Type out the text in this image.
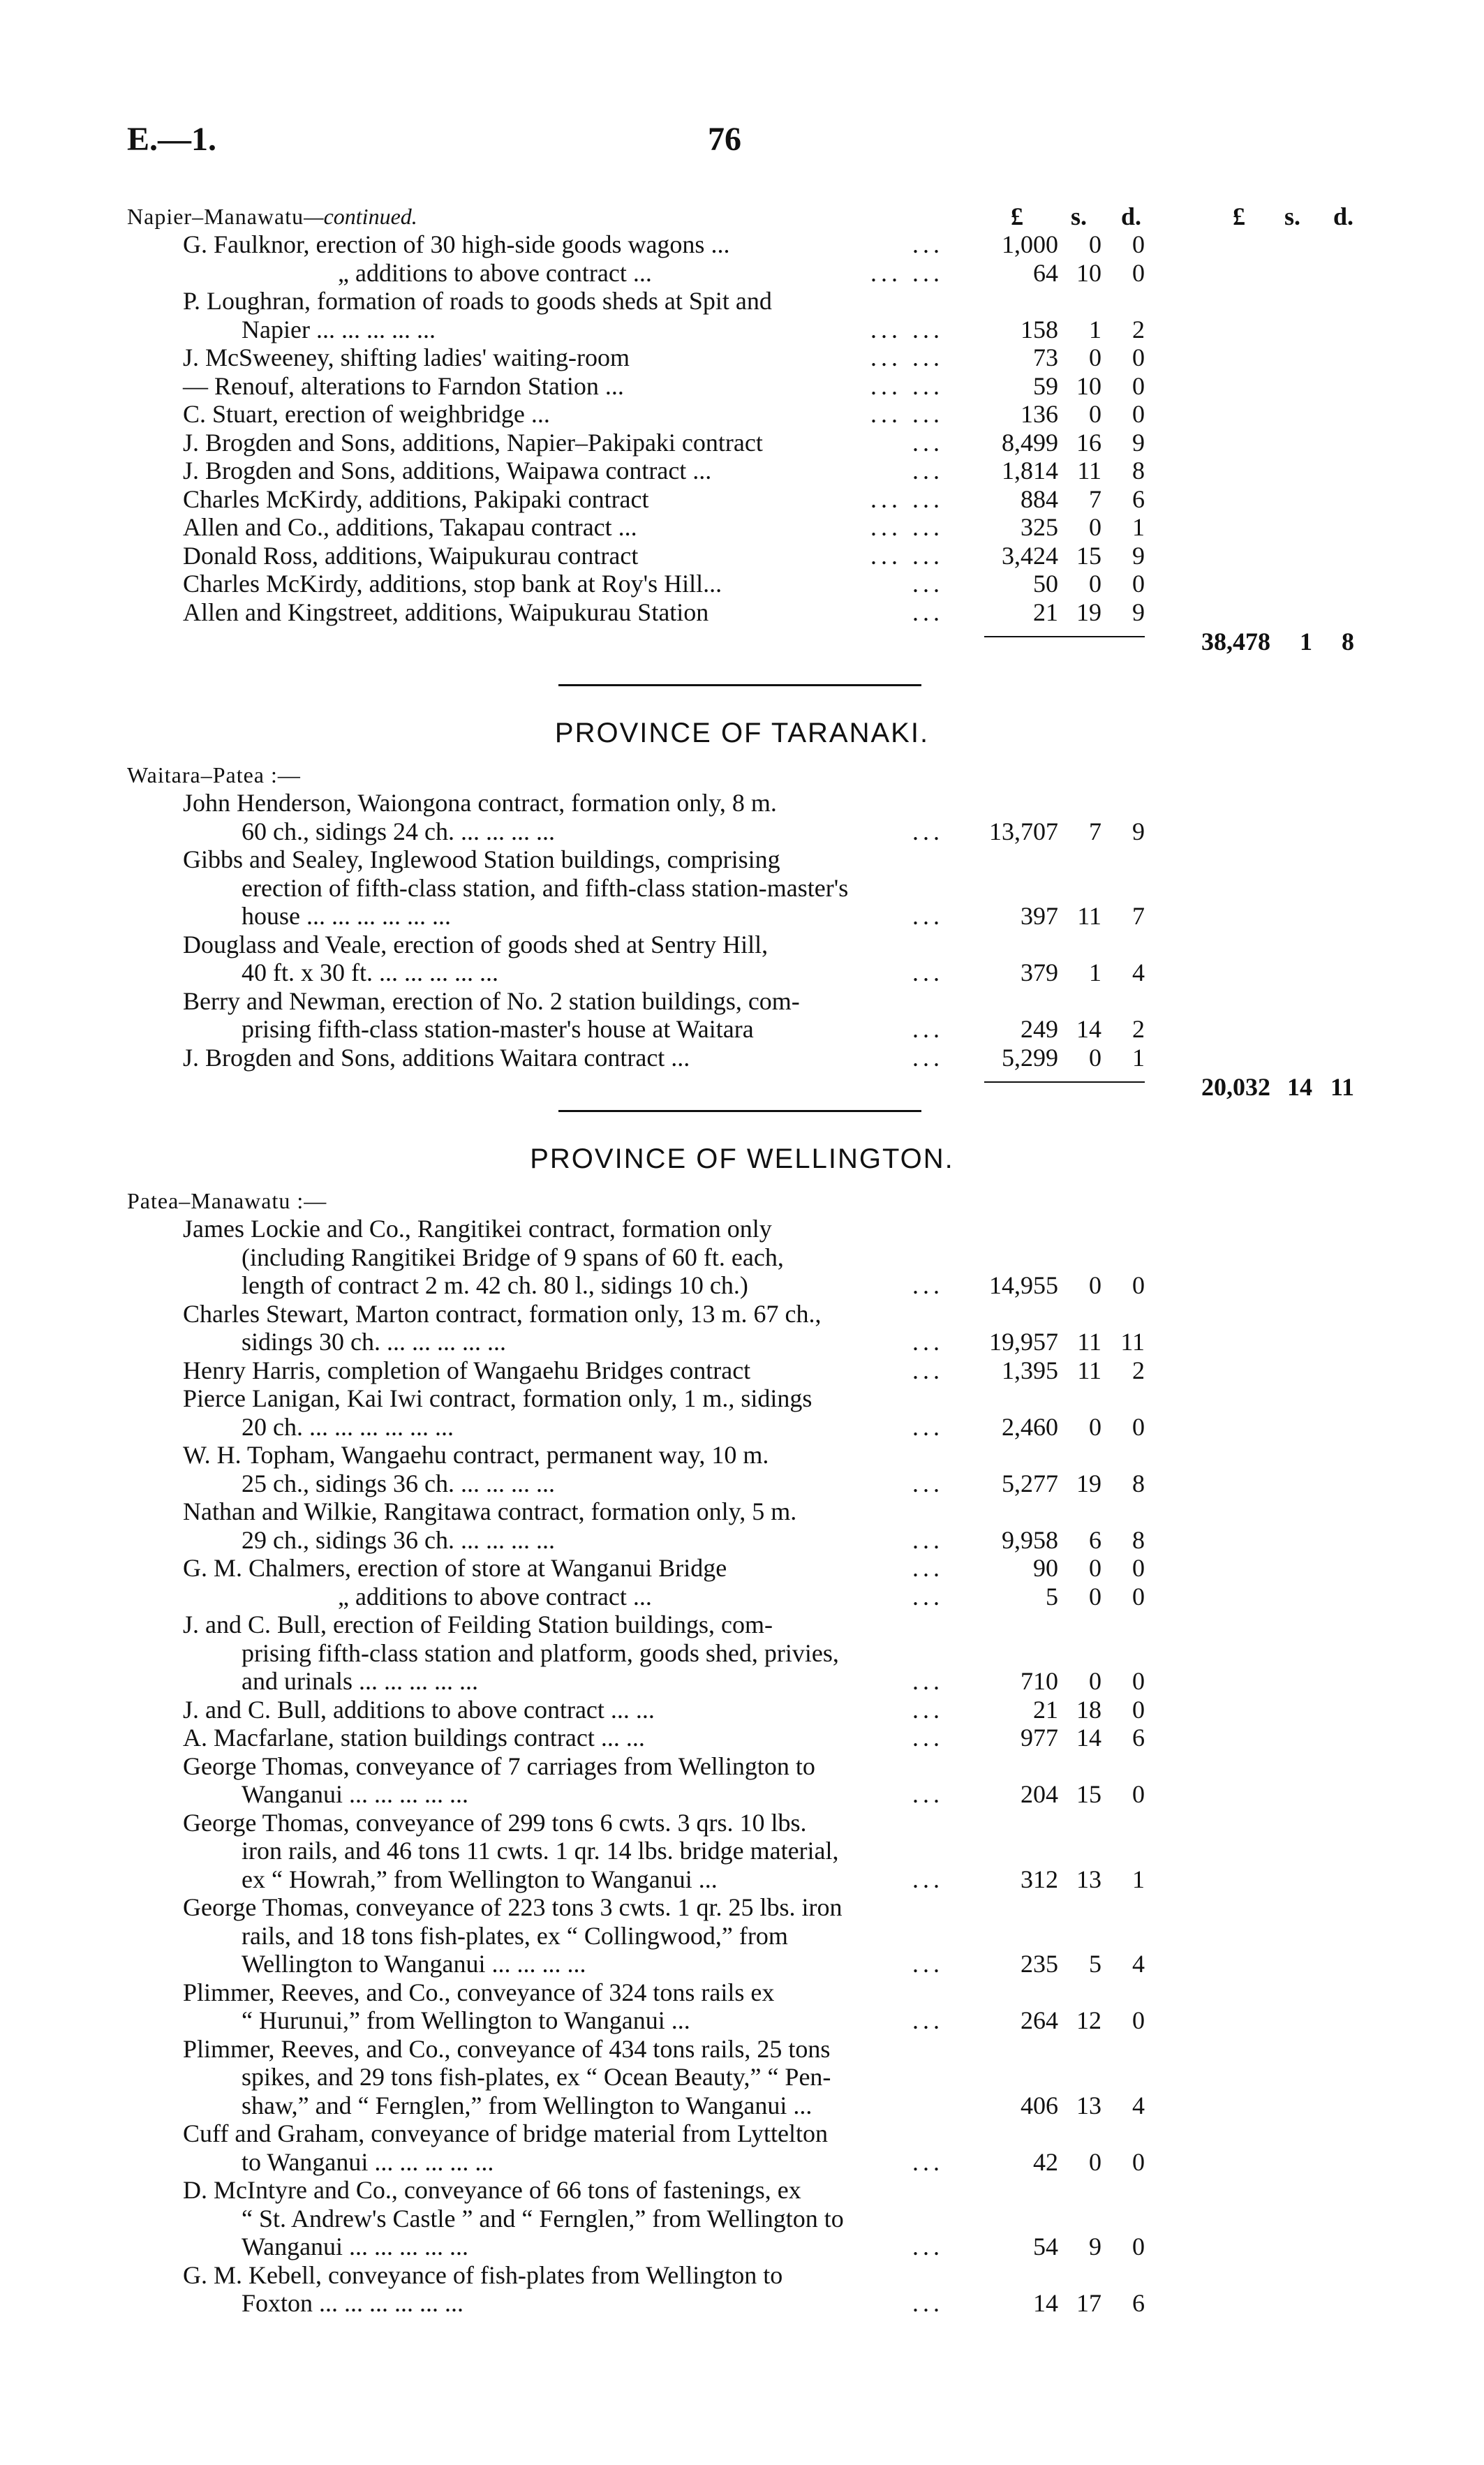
E.—1.	76
£ s. d.	£ s. d.
Napier–Manawatu—continued.
PROVINCE OF TARANAKI.
Waitara–Patea :—
PROVINCE OF WELLINGTON.
Patea–Manawatu :—
G. Faulknor, erection of 30 high-side goods wagons ...	... 1,000	0	0
„ additions to above contract ...	... ...	64 10	0
P. Loughran, formation of roads to goods sheds at Spit and
Napier ... ... ... ... ...	... ...	158	1	2
J. McSweeney, shifting ladies' waiting-room	... ...	73	0	0
— Renouf, alterations to Farndon Station ...	... ...	59 10	0
C. Stuart, erection of weighbridge ...	... ...	136	0	0
J. Brogden and Sons, additions, Napier–Pakipaki contract	... 8,499 16	9
J. Brogden and Sons, additions, Waipawa contract ...	... 1,814 11	8
Charles McKirdy, additions, Pakipaki contract	... ...	884	7	6
Allen and Co., additions, Takapau contract ...	... ...	325	0	1
Donald Ross, additions, Waipukurau contract	... ... 3,424 15	9
Charles McKirdy, additions, stop bank at Roy's Hill...	...	50	0	0
Allen and Kingstreet, additions, Waipukurau Station	...	21 19	9
38,478	1	8
John Henderson, Waiongona contract, formation only, 8 m.
60 ch., sidings 24 ch. ... ... ... ...	... 13,707	7	9
Gibbs and Sealey, Inglewood Station buildings, comprising
erection of fifth-class station, and fifth-class station-master's
house ... ... ... ... ... ...	...	397 11	7
Douglass and Veale, erection of goods shed at Sentry Hill,
40 ft. x 30 ft. ... ... ... ... ...	...	379	1	4
Berry and Newman, erection of No. 2 station buildings, com-
prising fifth-class station-master's house at Waitara	...	249 14	2
J. Brogden and Sons, additions Waitara contract ...	... 5,299	0	1
20,032 14 11
James Lockie and Co., Rangitikei contract, formation only
(including Rangitikei Bridge of 9 spans of 60 ft. each,
length of contract 2 m. 42 ch. 80 l., sidings 10 ch.)	... 14,955	0	0
Charles Stewart, Marton contract, formation only, 13 m. 67 ch.,
sidings 30 ch. ... ... ... ... ...	... 19,957 11 11
Henry Harris, completion of Wangaehu Bridges contract	... 1,395 11	2
Pierce Lanigan, Kai Iwi contract, formation only, 1 m., sidings
20 ch. ... ... ... ... ... ...	... 2,460	0	0
W. H. Topham, Wangaehu contract, permanent way, 10 m.
25 ch., sidings 36 ch. ... ... ... ...	... 5,277 19	8
Nathan and Wilkie, Rangitawa contract, formation only, 5 m.
29 ch., sidings 36 ch. ... ... ... ...	... 9,958	6	8
G. M. Chalmers, erection of store at Wanganui Bridge	...	90	0	0
„ additions to above contract ...	...	5	0	0
J. and C. Bull, erection of Feilding Station buildings, com-
prising fifth-class station and platform, goods shed, privies,
and urinals ... ... ... ... ...	...	710	0	0
J. and C. Bull, additions to above contract ... ...	...	21 18	0
A. Macfarlane, station buildings contract ... ...	...	977 14	6
George Thomas, conveyance of 7 carriages from Wellington to
Wanganui ... ... ... ... ...	...	204 15	0
George Thomas, conveyance of 299 tons 6 cwts. 3 qrs. 10 lbs.
iron rails, and 46 tons 11 cwts. 1 qr. 14 lbs. bridge material,
ex “ Howrah,” from Wellington to Wanganui ...	...	312 13	1
George Thomas, conveyance of 223 tons 3 cwts. 1 qr. 25 lbs. iron
rails, and 18 tons fish-plates, ex “ Collingwood,” from
Wellington to Wanganui ... ... ... ...	...	235	5	4
Plimmer, Reeves, and Co., conveyance of 324 tons rails ex
“ Hurunui,” from Wellington to Wanganui ...	...	264 12	0
Plimmer, Reeves, and Co., conveyance of 434 tons rails, 25 tons
spikes, and 29 tons fish-plates, ex “ Ocean Beauty,” “ Pen-
shaw,” and “ Fernglen,” from Wellington to Wanganui ...	406 13	4
Cuff and Graham, conveyance of bridge material from Lyttelton
to Wanganui ... ... ... ... ...	...	42	0	0
D. McIntyre and Co., conveyance of 66 tons of fastenings, ex
“ St. Andrew's Castle ” and “ Fernglen,” from Wellington to
Wanganui ... ... ... ... ...	...	54	9	0
G. M. Kebell, conveyance of fish-plates from Wellington to
Foxton ... ... ... ... ... ...	...	14 17	6
